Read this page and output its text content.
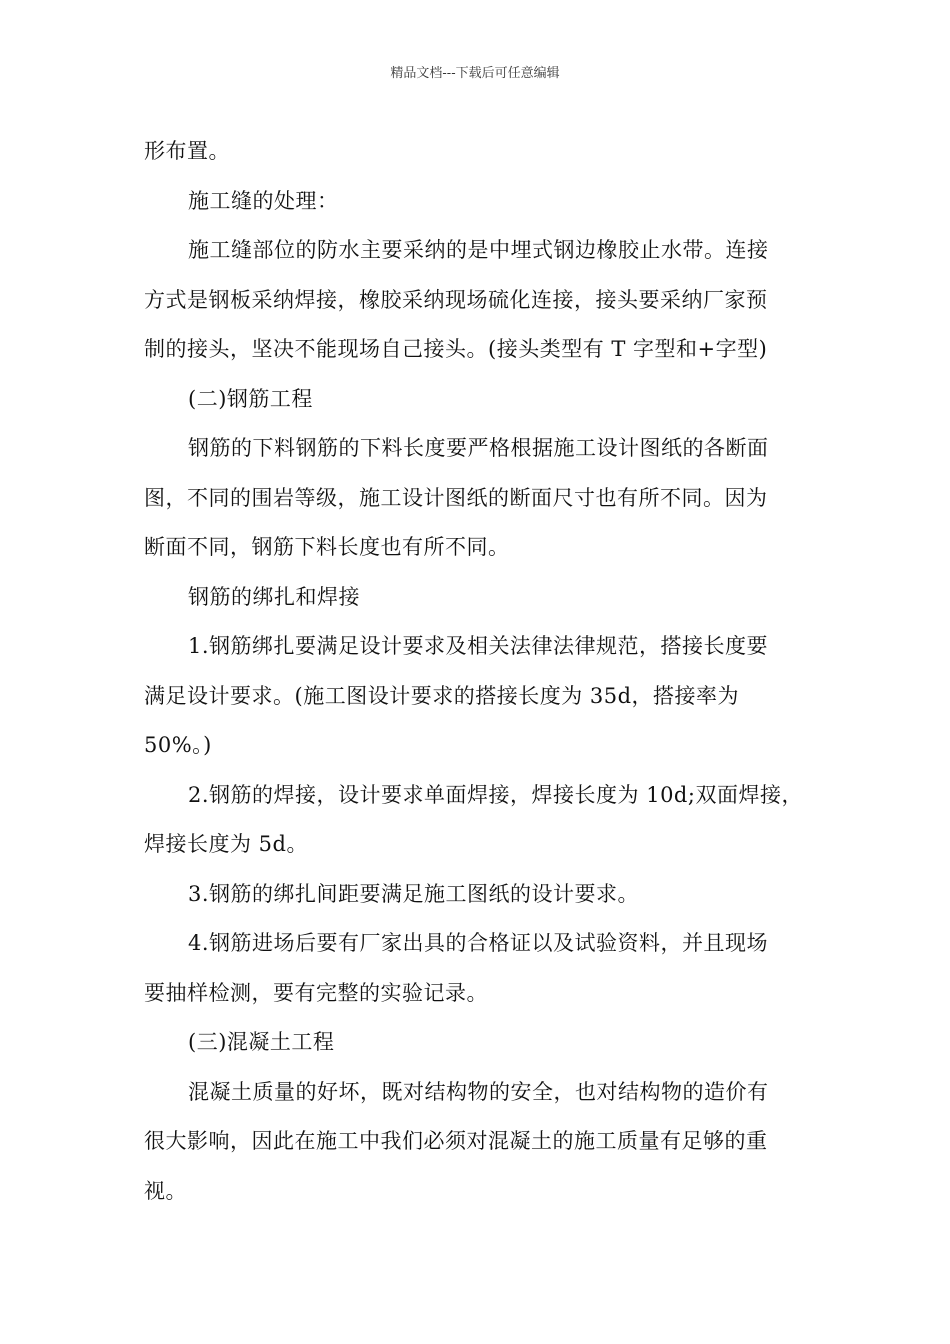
精品文档---下载后可任意编辑
形布置。
施工缝的处理：
施工缝部位的防水主要采纳的是中埋式钢边橡胶止水带。连接
方式是钢板采纳焊接，橡胶采纳现场硫化连接，接头要采纳厂家预
制的接头，坚决不能现场自己接头。(接头类型有 T 字型和+字型)
(二)钢筋工程
钢筋的下料钢筋的下料长度要严格根据施工设计图纸的各断面
图，不同的围岩等级，施工设计图纸的断面尺寸也有所不同。因为
断面不同，钢筋下料长度也有所不同。
钢筋的绑扎和焊接
1.钢筋绑扎要满足设计要求及相关法律法律规范，搭接长度要
满足设计要求。(施工图设计要求的搭接长度为 35d，搭接率为
50%。)
2.钢筋的焊接，设计要求单面焊接，焊接长度为 10d;双面焊接，
焊接长度为 5d。
3.钢筋的绑扎间距要满足施工图纸的设计要求。
4.钢筋进场后要有厂家出具的合格证以及试验资料，并且现场
要抽样检测，要有完整的实验记录。
(三)混凝土工程
混凝土质量的好坏，既对结构物的安全，也对结构物的造价有
很大影响，因此在施工中我们必须对混凝土的施工质量有足够的重
视。
